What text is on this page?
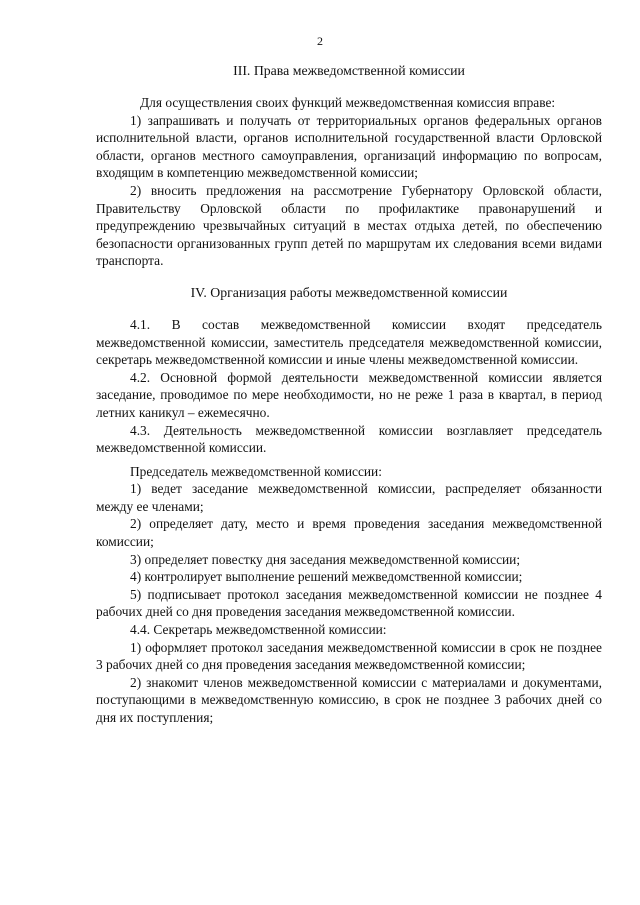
2
III. Права межведомственной комиссии

Для осуществления своих функций межведомственная комиссия вправе:

1) запрашивать и получать от территориальных органов федеральных органов исполнительной власти, органов исполнительной государственной власти Орловской области, органов местного самоуправления, организаций информацию по вопросам, входящим в компетенцию межведомственной комиссии;

2) вносить предложения на рассмотрение Губернатору Орловской области, Правительству Орловской области по профилактике правонарушений и предупреждению чрезвычайных ситуаций в местах отдыха детей, по обеспечению безопасности организованных групп детей по маршрутам их следования всеми видами транспорта.

IV. Организация работы межведомственной комиссии

4.1. В состав межведомственной комиссии входят председатель межведомственной комиссии, заместитель председателя межведомственной комиссии, секретарь межведомственной комиссии и иные члены межведомственной комиссии.

4.2. Основной формой деятельности межведомственной комиссии является заседание, проводимое по мере необходимости, но не реже 1 раза в квартал, в период летних каникул – ежемесячно.

4.3. Деятельность межведомственной комиссии возглавляет председатель межведомственной комиссии.

Председатель межведомственной комиссии:

1) ведет заседание межведомственной комиссии, распределяет обязанности между ее членами;

2) определяет дату, место и время проведения заседания межведомственной комиссии;

3) определяет повестку дня заседания межведомственной комиссии;

4) контролирует выполнение решений межведомственной комиссии;

5) подписывает протокол заседания межведомственной комиссии не позднее 4 рабочих дней со дня проведения заседания межведомственной комиссии.

4.4. Секретарь межведомственной комиссии:

1) оформляет протокол заседания межведомственной комиссии в срок не позднее 3 рабочих дней со дня проведения заседания межведомственной комиссии;

2) знакомит членов межведомственной комиссии с материалами и документами, поступающими в межведомственную комиссию, в срок не позднее 3 рабочих дней со дня их поступления;
